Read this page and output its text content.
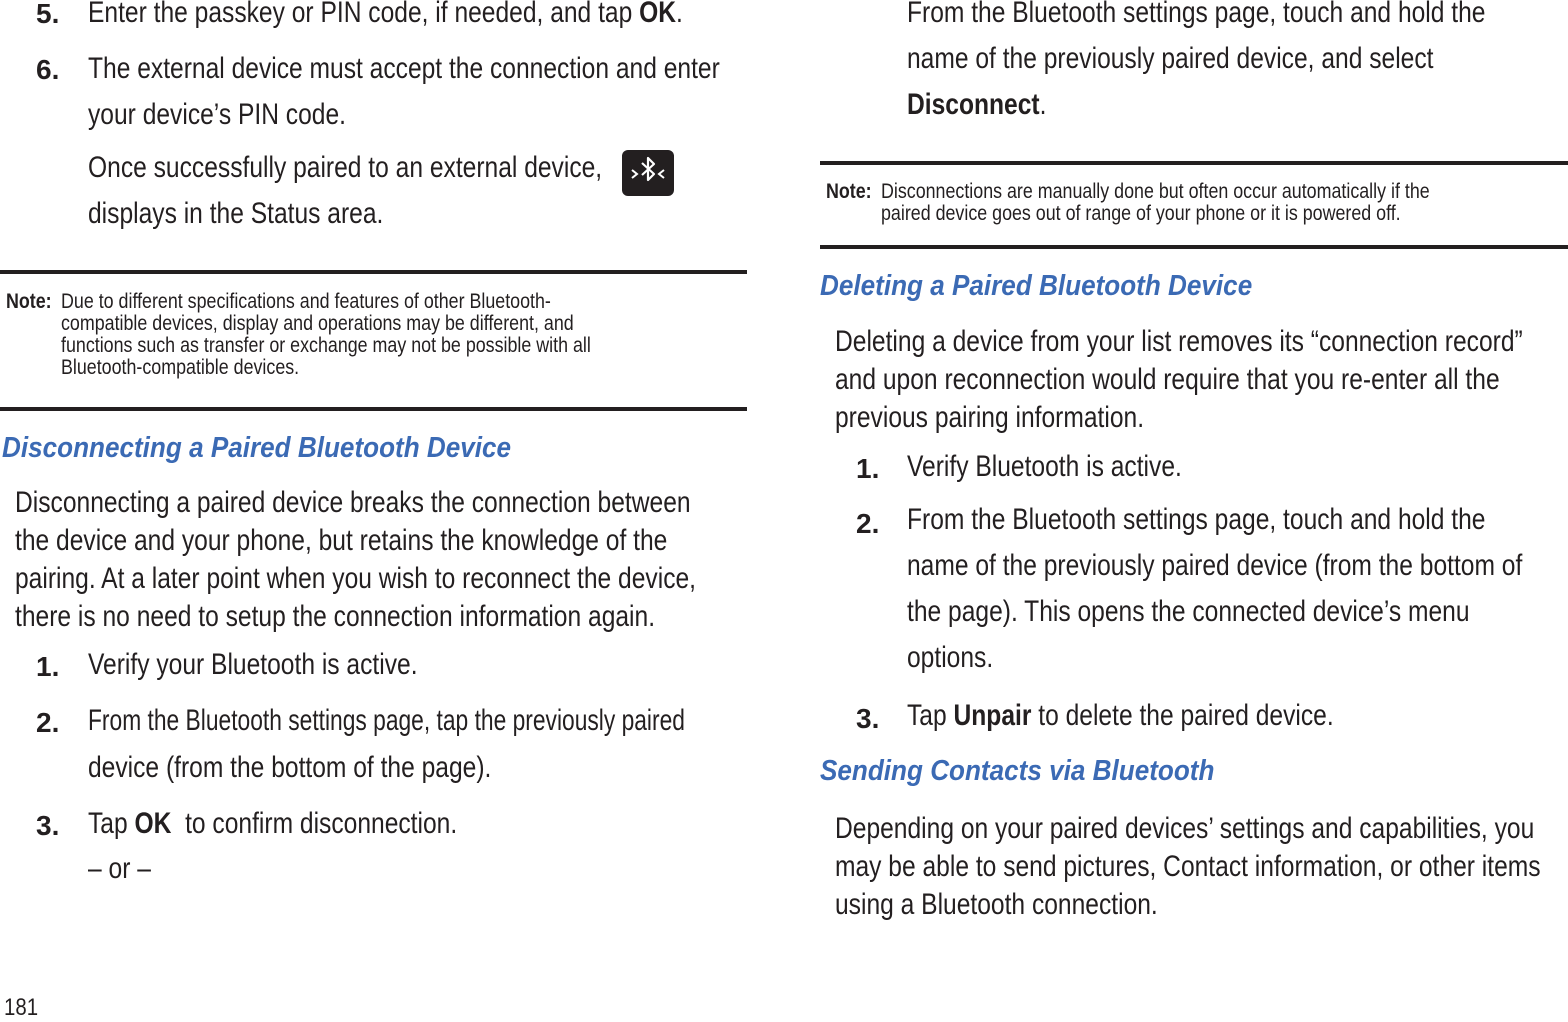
5. Enter the passkey or PIN code, if needed, and tap OK.
6. The external device must accept the connection and enter
your device’s PIN code.
Once successfully paired to an external device,
displays in the Status area.
Note: Due to different specifications and features of other Bluetooth-
compatible devices, display and operations may be different, and
functions such as transfer or exchange may not be possible with all
Bluetooth-compatible devices.
Disconnecting a Paired Bluetooth Device
Disconnecting a paired device breaks the connection between
the device and your phone, but retains the knowledge of the
pairing. At a later point when you wish to reconnect the device,
there is no need to setup the connection information again.
1. Verify your Bluetooth is active.
2. From the Bluetooth settings page, tap the previously paired
device (from the bottom of the page).
3. Tap OK  to confirm disconnection.
– or –
From the Bluetooth settings page, touch and hold the
name of the previously paired device, and select
Disconnect.
Note: Disconnections are manually done but often occur automatically if the
paired device goes out of range of your phone or it is powered off.
Deleting a Paired Bluetooth Device
Deleting a device from your list removes its “connection record”
and upon reconnection would require that you re-enter all the
previous pairing information.
1. Verify Bluetooth is active.
2. From the Bluetooth settings page, touch and hold the
name of the previously paired device (from the bottom of
the page). This opens the connected device’s menu
options.
3. Tap Unpair to delete the paired device.
Sending Contacts via Bluetooth
Depending on your paired devices’ settings and capabilities, you
may be able to send pictures, Contact information, or other items
using a Bluetooth connection.
181
